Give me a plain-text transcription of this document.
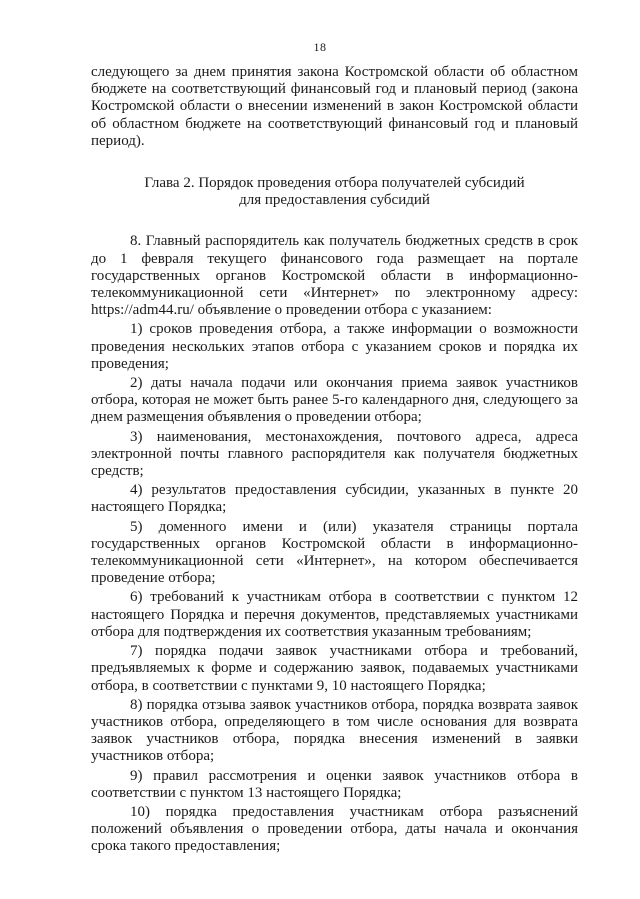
18

следующего за днем принятия закона Костромской области об областном бюджете на соответствующий финансовый год и плановый период (закона Костромской области о внесении изменений в закон Костромской области об областном бюджете на соответствующий финансовый год и плановый период).

Глава 2. Порядок проведения отбора получателей субсидий
для предоставления субсидий

8. Главный распорядитель как получатель бюджетных средств в срок до 1 февраля текущего финансового года размещает на портале государственных органов Костромской области в информационно-телекоммуникационной сети «Интернет» по электронному адресу: https://adm44.ru/ объявление о проведении отбора с указанием:

1) сроков проведения отбора, а также информации о возможности проведения нескольких этапов отбора с указанием сроков и порядка их проведения;

2) даты начала подачи или окончания приема заявок участников отбора, которая не может быть ранее 5-го календарного дня, следующего за днем размещения объявления о проведении отбора;

3) наименования, местонахождения, почтового адреса, адреса электронной почты главного распорядителя как получателя бюджетных средств;

4) результатов предоставления субсидии, указанных в пункте 20 настоящего Порядка;

5) доменного имени и (или) указателя страницы портала государственных органов Костромской области в информационно-телекоммуникационной сети «Интернет», на котором обеспечивается проведение отбора;

6) требований к участникам отбора в соответствии с пунктом 12 настоящего Порядка и перечня документов, представляемых участниками отбора для подтверждения их соответствия указанным требованиям;

7) порядка подачи заявок участниками отбора и требований, предъявляемых к форме и содержанию заявок, подаваемых участниками отбора, в соответствии с пунктами 9, 10 настоящего Порядка;

8) порядка отзыва заявок участников отбора, порядка возврата заявок участников отбора, определяющего в том числе основания для возврата заявок участников отбора, порядка внесения изменений в заявки участников отбора;

9) правил рассмотрения и оценки заявок участников отбора в соответствии с пунктом 13 настоящего Порядка;

10) порядка предоставления участникам отбора разъяснений положений объявления о проведении отбора, даты начала и окончания срока такого предоставления;
